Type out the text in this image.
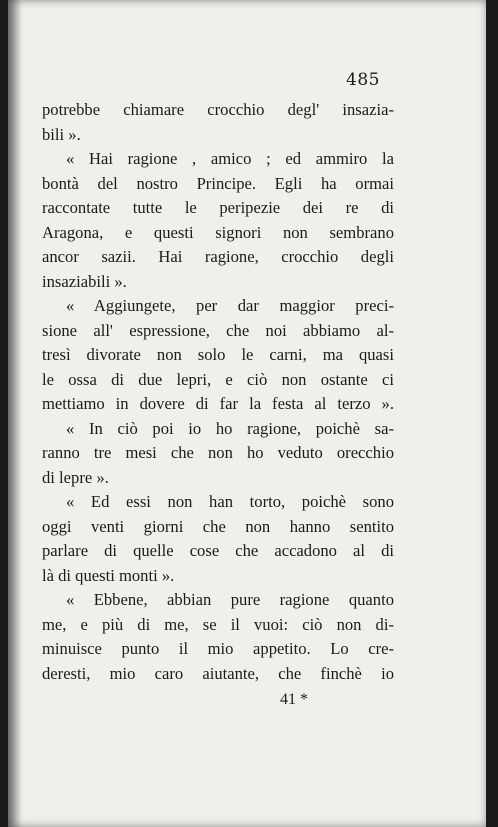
485
potrebbe chiamare crocchio degl' insazia-
bili ».
« Hai ragione , amico ; ed ammiro la
bontà del nostro Principe. Egli ha ormai
raccontate tutte le peripezie dei re di
Aragona, e questi signori non sembrano
ancor sazii. Hai ragione, crocchio degli
insaziabili ».
« Aggiungete, per dar maggior preci-
sione all' espressione, che noi abbiamo al-
tresì divorate non solo le carni, ma quasi
le ossa di due lepri, e ciò non ostante ci
mettiamo in dovere di far la festa al terzo ».
« In ciò poi io ho ragione, poichè sa-
ranno tre mesi che non ho veduto orecchio
di lepre ».
« Ed essi non han torto, poichè sono
oggi venti giorni che non hanno sentito
parlare di quelle cose che accadono al di
là di questi monti ».
« Ebbene, abbian pure ragione quanto
me, e più di me, se il vuoi: ciò non di-
minuisce punto il mio appetito. Lo cre-
deresti, mio caro aiutante, che finchè io
41 *
